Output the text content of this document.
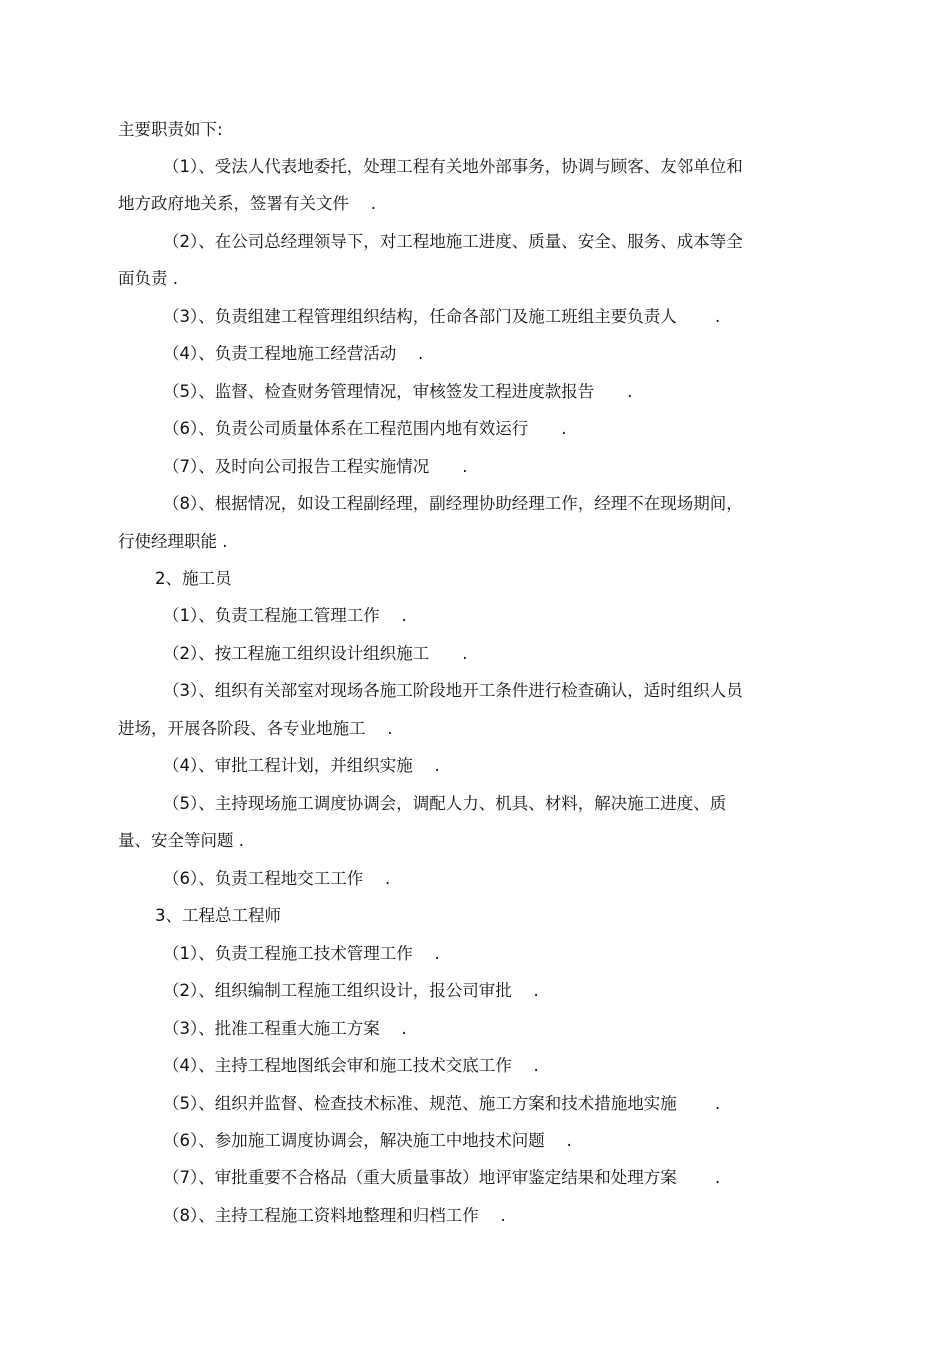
主要职责如下:
（1）、受法人代表地委托，处理工程有关地外部事务，协调与顾客、友邻单位和
地方政府地关系，签署有关文件　 .
（2）、在公司总经理领导下，对工程地施工进度、质量、安全、服务、成本等全
面负责 .
（3）、负责组建工程管理组织结构，任命各部门及施工班组主要负责人　　 .
（4）、负责工程地施工经营活动　 .
（5）、监督、检查财务管理情况，审核签发工程进度款报告　　.
（6）、负责公司质量体系在工程范围内地有效运行　　.
（7）、及时向公司报告工程实施情况　　.
（8）、根据情况，如设工程副经理，副经理协助经理工作，经理不在现场期间，
行使经理职能 .
2、施工员
（1）、负责工程施工管理工作　 .
（2）、按工程施工组织设计组织施工　　.
（3）、组织有关部室对现场各施工阶段地开工条件进行检查确认，适时组织人员
进场，开展各阶段、各专业地施工　 .
（4）、审批工程计划，并组织实施　 .
（5）、主持现场施工调度协调会，调配人力、机具、材料，解决施工进度、质
量、安全等问题 .
（6）、负责工程地交工工作　 .
3、工程总工程师
（1）、负责工程施工技术管理工作　 .
（2）、组织编制工程施工组织设计，报公司审批　 .
（3）、批准工程重大施工方案　 .
（4）、主持工程地图纸会审和施工技术交底工作　 .
（5）、组织并监督、检查技术标准、规范、施工方案和技术措施地实施　　 .
（6）、参加施工调度协调会，解决施工中地技术问题　 .
（7）、审批重要不合格品（重大质量事故）地评审鉴定结果和处理方案　　 .
（8）、主持工程施工资料地整理和归档工作　 .
